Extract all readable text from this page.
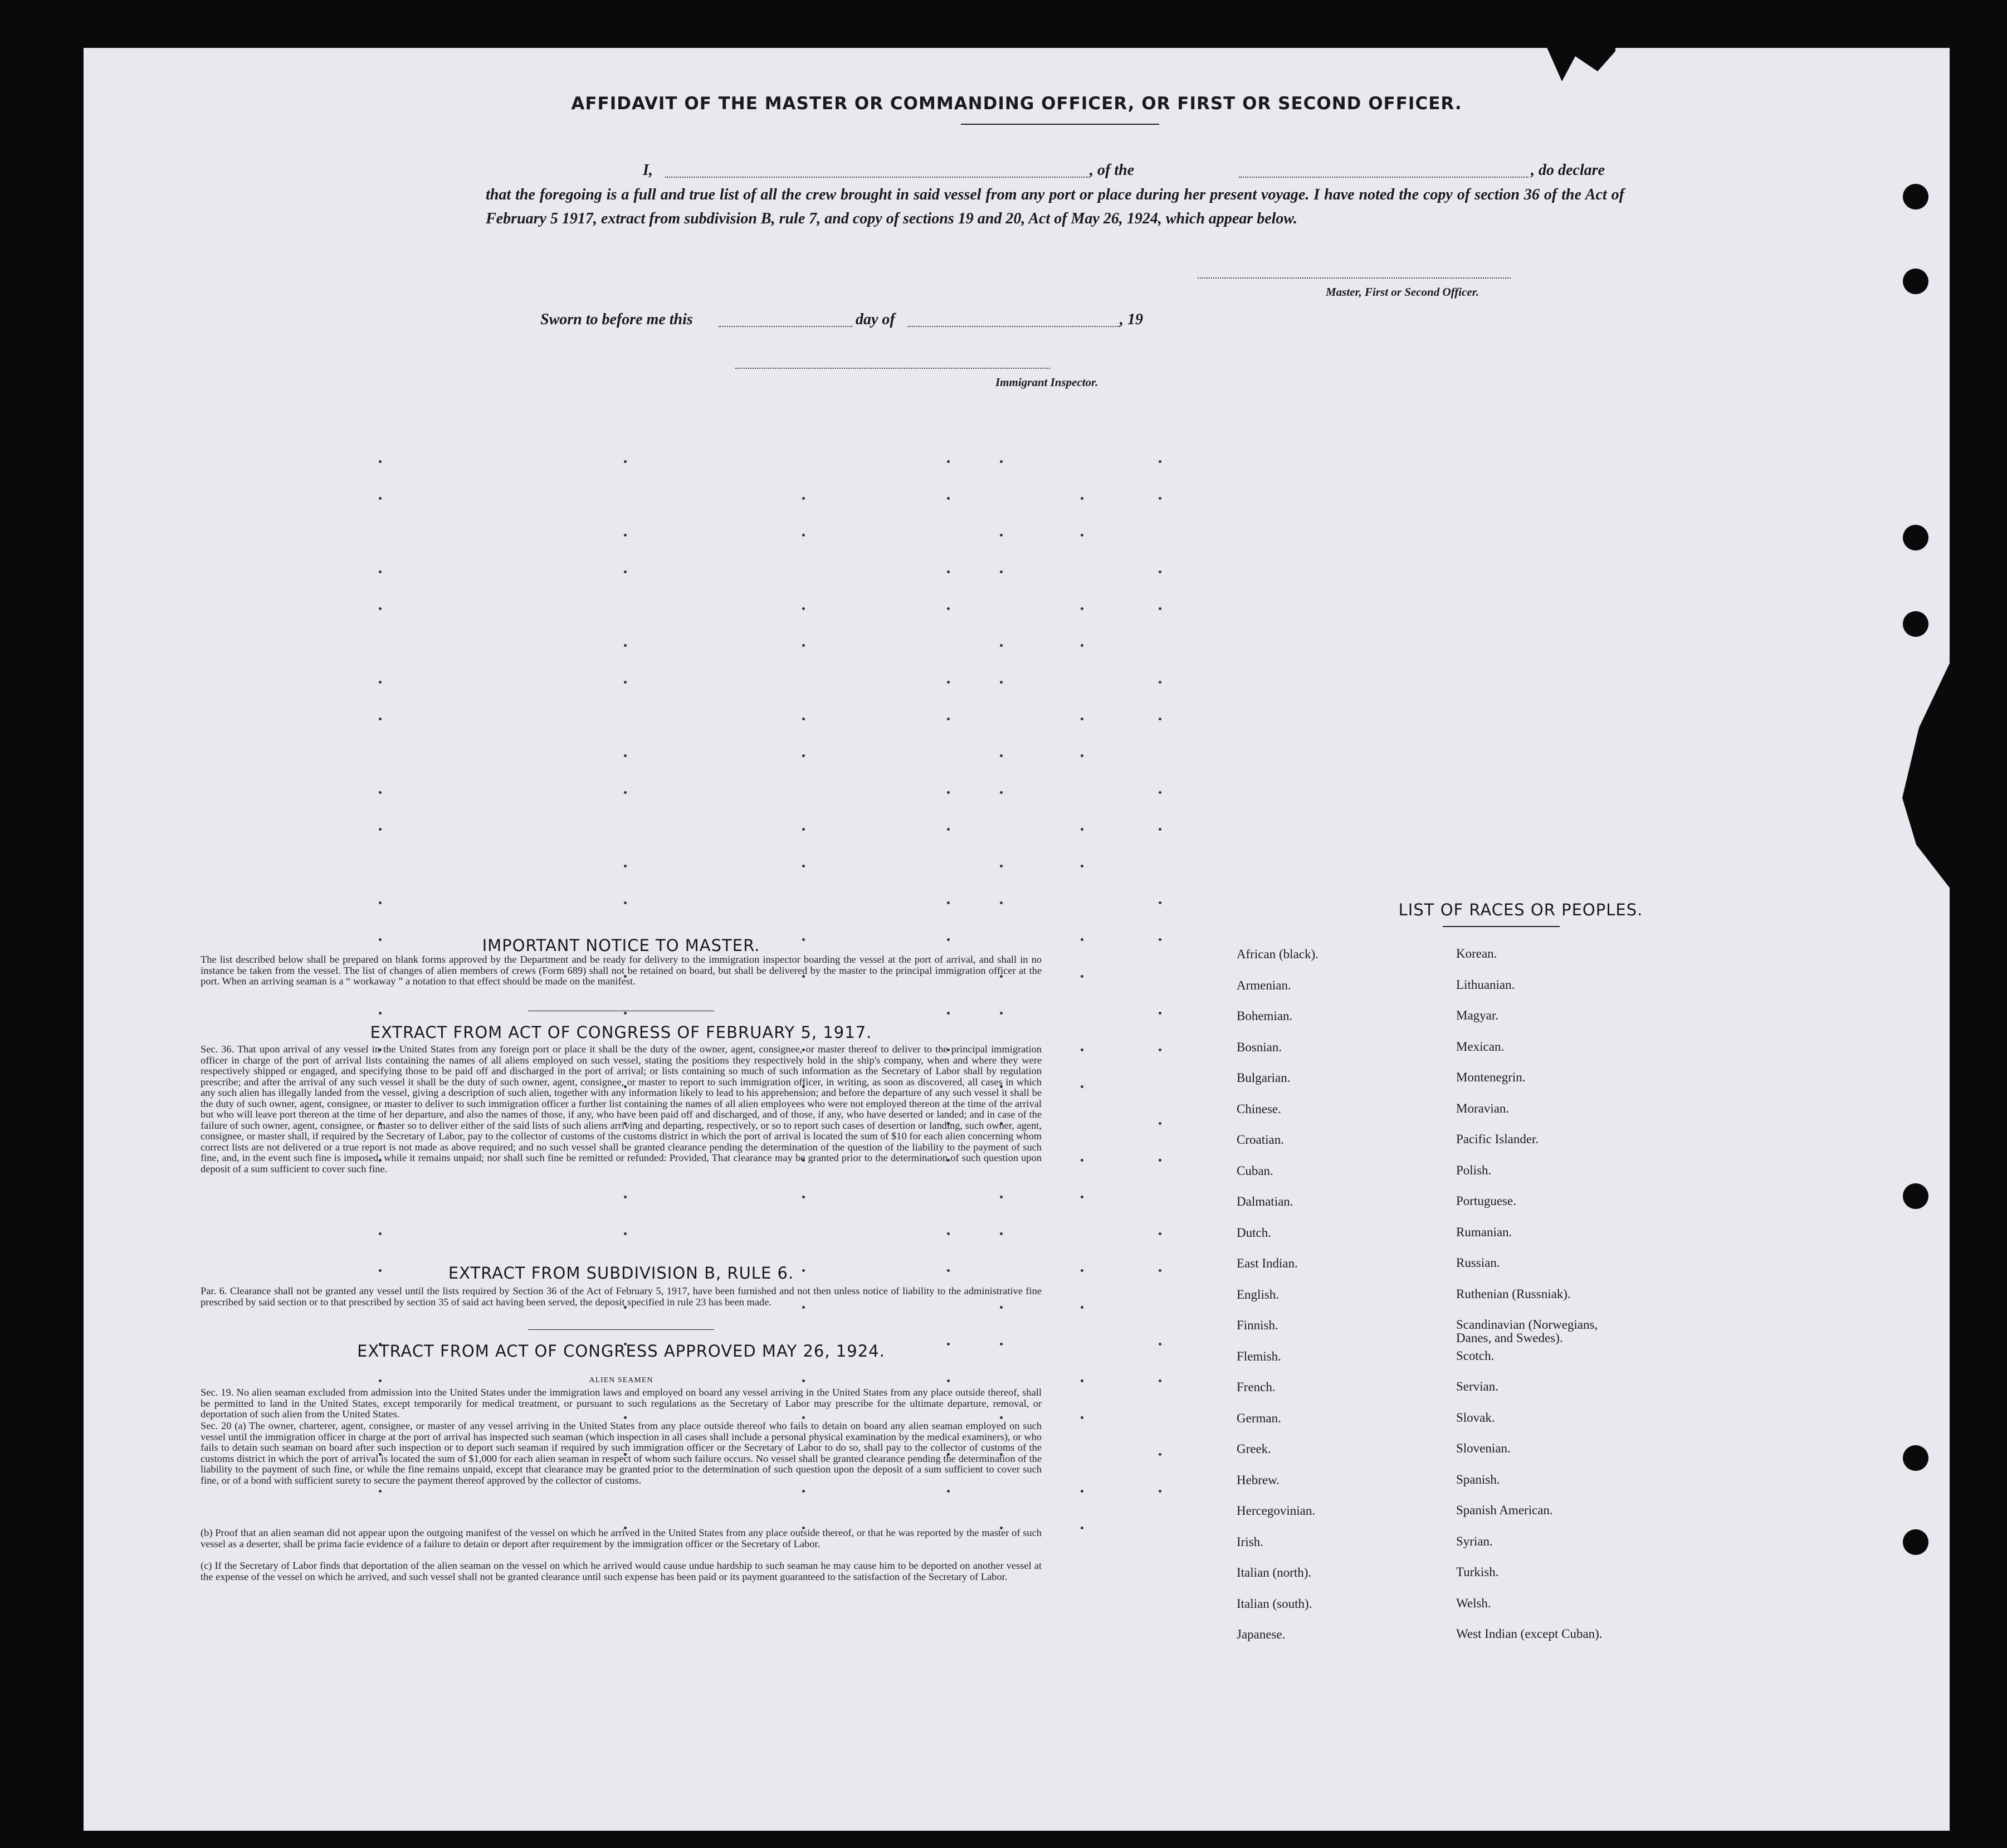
AFFIDAVIT OF THE MASTER OR COMMANDING OFFICER, OR FIRST OR SECOND OFFICER.
I,	, of the	, do declare
that the foregoing is a full and true list of all the crew brought in said vessel from any port or place during her present voyage. I have noted the copy of section 36 of the Act of February 5 1917, extract from subdivision B, rule 7, and copy of sections 19 and 20, Act of May 26, 1924, which appear below.
Master, First or Second Officer.
Sworn to before me this	day of	, 19
Immigrant Inspector.
IMPORTANT NOTICE TO MASTER.
The list described below shall be prepared on blank forms approved by the Department and be ready for delivery to the immigration inspector boarding the vessel at the port of arrival, and shall in no instance be taken from the vessel. The list of changes of alien members of crews (Form 689) shall not be retained on board, but shall be delivered by the master to the principal immigration officer at the port. When an arriving seaman is a “ workaway ” a notation to that effect should be made on the manifest.
EXTRACT FROM ACT OF CONGRESS OF FEBRUARY 5, 1917.
Sec. 36. That upon arrival of any vessel in the United States from any foreign port or place it shall be the duty of the owner, agent, consignee, or master thereof to deliver to the principal immigration officer in charge of the port of arrival lists containing the names of all aliens employed on such vessel, stating the positions they respectively hold in the ship's company, when and where they were respectively shipped or engaged, and specifying those to be paid off and discharged in the port of arrival; or lists containing so much of such information as the Secretary of Labor shall by regulation prescribe; and after the arrival of any such vessel it shall be the duty of such owner, agent, consignee, or master to report to such immigration officer, in writing, as soon as discovered, all cases in which any such alien has illegally landed from the vessel, giving a description of such alien, together with any information likely to lead to his apprehension; and before the departure of any such vessel it shall be the duty of such owner, agent, consignee, or master to deliver to such immigration officer a further list containing the names of all alien employees who were not employed thereon at the time of the arrival but who will leave port thereon at the time of her departure, and also the names of those, if any, who have been paid off and discharged, and of those, if any, who have deserted or landed; and in case of the failure of such owner, agent, consignee, or master so to deliver either of the said lists of such aliens arriving and departing, respectively, or so to report such cases of desertion or landing, such owner, agent, consignee, or master shall, if required by the Secretary of Labor, pay to the collector of customs of the customs district in which the port of arrival is located the sum of $10 for each alien concerning whom correct lists are not delivered or a true report is not made as above required; and no such vessel shall be granted clearance pending the determination of the question of the liability to the payment of such fine, and, in the event such fine is imposed, while it remains unpaid; nor shall such fine be remitted or refunded: Provided, That clearance may be granted prior to the determination of such question upon deposit of a sum sufficient to cover such fine.
EXTRACT FROM SUBDIVISION B, RULE 6.
Par. 6. Clearance shall not be granted any vessel until the lists required by Section 36 of the Act of February 5, 1917, have been furnished and not then unless notice of liability to the administrative fine prescribed by said section or to that prescribed by section 35 of said act having been served, the deposit specified in rule 23 has been made.
EXTRACT FROM ACT OF CONGRESS APPROVED MAY 26, 1924.
ALIEN SEAMEN
Sec. 19. No alien seaman excluded from admission into the United States under the immigration laws and employed on board any vessel arriving in the United States from any place outside thereof, shall be permitted to land in the United States, except temporarily for medical treatment, or pursuant to such regulations as the Secretary of Labor may prescribe for the ultimate departure, removal, or deportation of such alien from the United States.
Sec. 20 (a) The owner, charterer, agent, consignee, or master of any vessel arriving in the United States from any place outside thereof who fails to detain on board any alien seaman employed on such vessel until the immigration officer in charge at the port of arrival has inspected such seaman (which inspection in all cases shall include a personal physical examination by the medical examiners), or who fails to detain such seaman on board after such inspection or to deport such seaman if required by such immigration officer or the Secretary of Labor to do so, shall pay to the collector of customs of the customs district in which the port of arrival is located the sum of $1,000 for each alien seaman in respect of whom such failure occurs. No vessel shall be granted clearance pending the determination of the liability to the payment of such fine, or while the fine remains unpaid, except that clearance may be granted prior to the determination of such question upon the deposit of a sum sufficient to cover such fine, or of a bond with sufficient surety to secure the payment thereof approved by the collector of customs.
(b) Proof that an alien seaman did not appear upon the outgoing manifest of the vessel on which he arrived in the United States from any place outside thereof, or that he was reported by the master of such vessel as a deserter, shall be prima facie evidence of a failure to detain or deport after requirement by the immigration officer or the Secretary of Labor.
(c) If the Secretary of Labor finds that deportation of the alien seaman on the vessel on which he arrived would cause undue hardship to such seaman he may cause him to be deported on another vessel at the expense of the vessel on which he arrived, and such vessel shall not be granted clearance until such expense has been paid or its payment guaranteed to the satisfaction of the Secretary of Labor.
LIST OF RACES OR PEOPLES.
African (black).
Armenian.
Bohemian.
Bosnian.
Bulgarian.
Chinese.
Croatian.
Cuban.
Dalmatian.
Dutch.
East Indian.
English.
Finnish.
Flemish.
French.
German.
Greek.
Hebrew.
Hercegovinian.
Irish.
Italian (north).
Italian (south).
Japanese.
Korean.
Lithuanian.
Magyar.
Mexican.
Montenegrin.
Moravian.
Pacific Islander.
Polish.
Portuguese.
Rumanian.
Russian.
Ruthenian (Russniak).
Scandinavian (Norwegians,
Danes, and Swedes).
Scotch.
Servian.
Slovak.
Slovenian.
Spanish.
Spanish American.
Syrian.
Turkish.
Welsh.
West Indian (except Cuban).
3
